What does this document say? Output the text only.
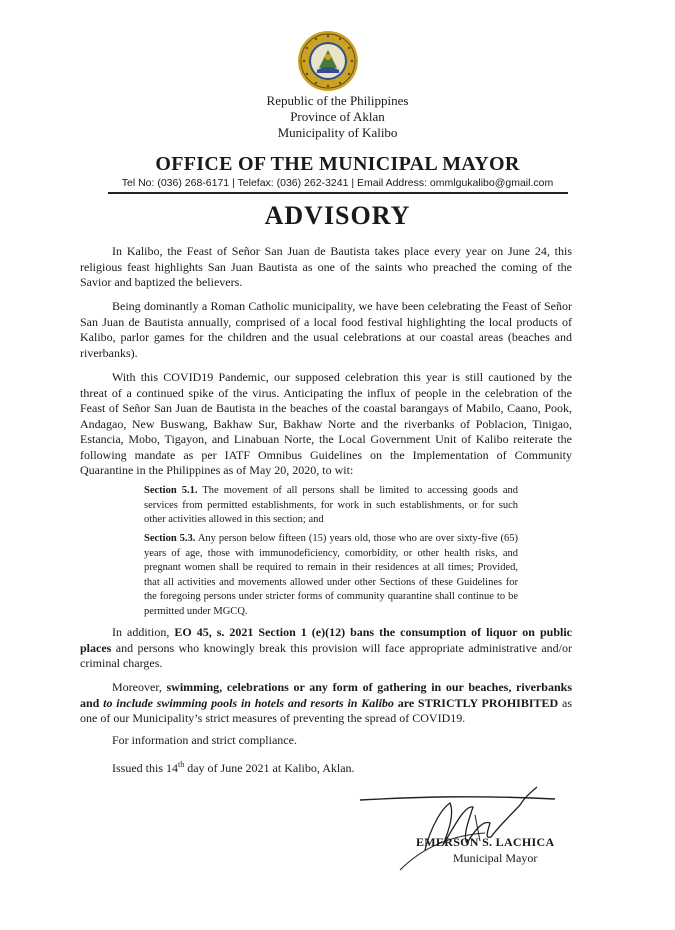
Republic of the Philippines
Province of Aklan
Municipality of Kalibo
OFFICE OF THE MUNICIPAL MAYOR
Tel No: (036) 268-6171 | Telefax: (036) 262-3241 | Email Address: ommlgukalibo@gmail.com
ADVISORY

In Kalibo, the Feast of Señor San Juan de Bautista takes place every year on June 24, this religious feast highlights San Juan Bautista as one of the saints who preached the coming of the Savior and baptized the believers.

Being dominantly a Roman Catholic municipality, we have been celebrating the Feast of Señor San Juan de Bautista annually, comprised of a local food festival highlighting the local products of Kalibo, parlor games for the children and the usual celebrations at our coastal areas (beaches and riverbanks).

With this COVID19 Pandemic, our supposed celebration this year is still cautioned by the threat of a continued spike of the virus. Anticipating the influx of people in the celebration of the Feast of Señor San Juan de Bautista in the beaches of the coastal barangays of Mabilo, Caano, Pook, Andagao, New Buswang, Bakhaw Sur, Bakhaw Norte and the riverbanks of Poblacion, Tinigao, Estancia, Mobo, Tigayon, and Linabuan Norte, the Local Government Unit of Kalibo reiterate the following mandate as per IATF Omnibus Guidelines on the Implementation of Community Quarantine in the Philippines as of May 20, 2020, to wit:

Section 5.1. The movement of all persons shall be limited to accessing goods and services from permitted establishments, for work in such establishments, or for such other activities allowed in this section; and

Section 5.3. Any person below fifteen (15) years old, those who are over sixty-five (65) years of age, those with immunodeficiency, comorbidity, or other health risks, and pregnant women shall be required to remain in their residences at all times; Provided, that all activities and movements allowed under other Sections of these Guidelines for the foregoing persons under stricter forms of community quarantine shall continue to be permitted under MGCQ.

In addition, EO 45, s. 2021 Section 1 (e)(12) bans the consumption of liquor on public places and persons who knowingly break this provision will face appropriate administrative and/or criminal charges.

Moreover, swimming, celebrations or any form of gathering in our beaches, riverbanks and to include swimming pools in hotels and resorts in Kalibo are STRICTLY PROHIBITED as one of our Municipality’s strict measures of preventing the spread of COVID19.

For information and strict compliance.

Issued this 14th day of June 2021 at Kalibo, Aklan.

EMERSON S. LACHICA
Municipal Mayor
